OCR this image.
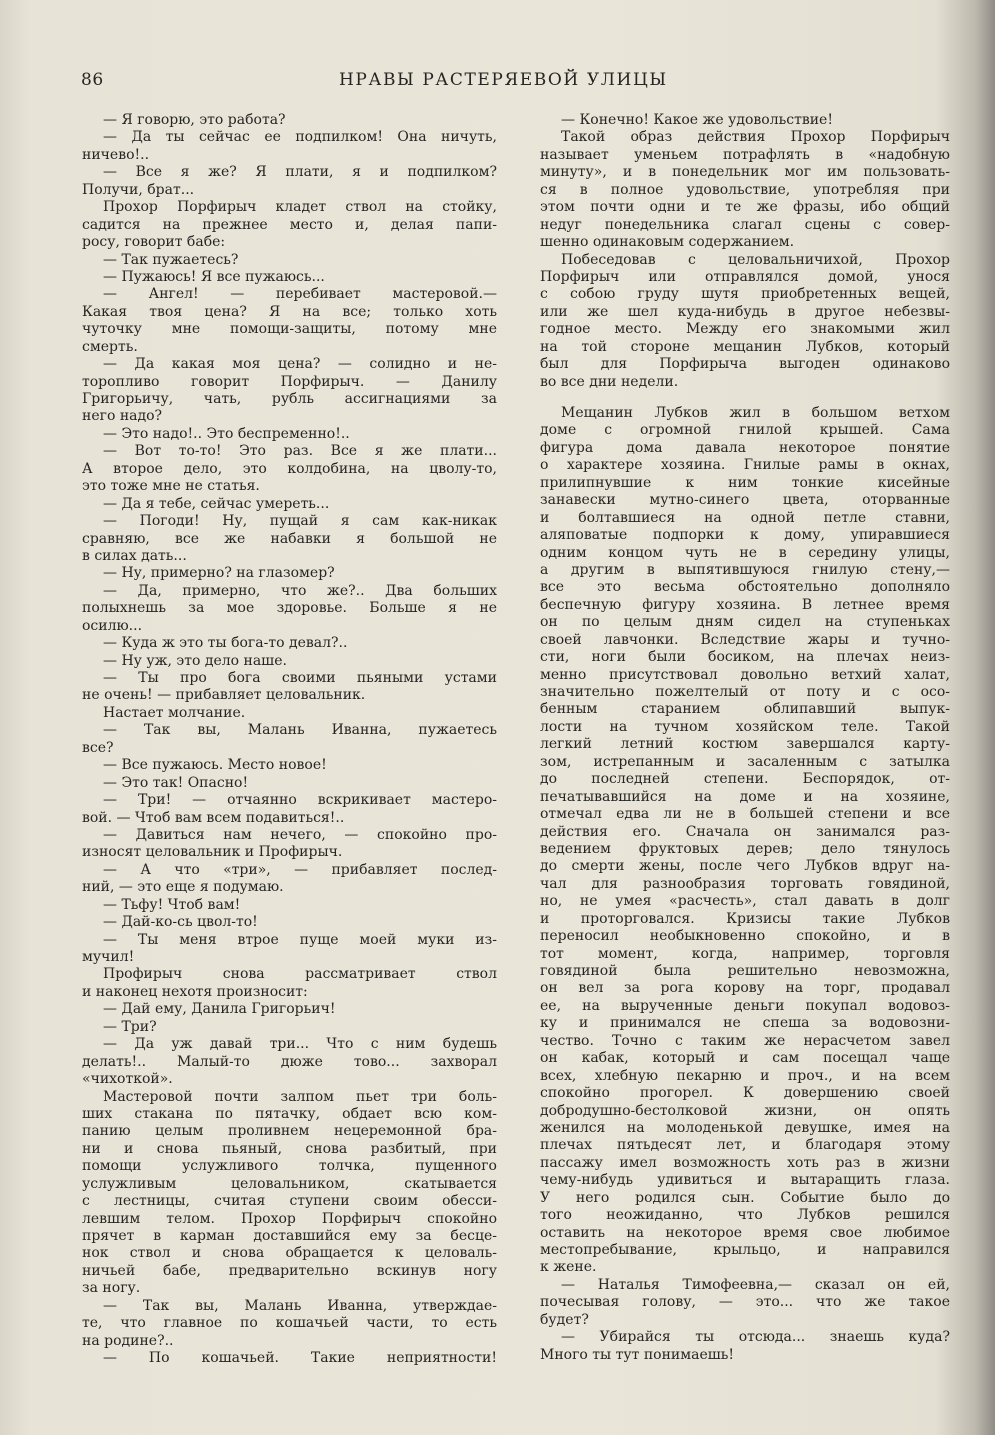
86	НРАВЫ РАСТЕРЯЕВОЙ УЛИЦЫ
— Я говорю, это работа?
— Да ты сейчас ее подпилком! Она ничуть,
ничево!..
— Все я же? Я плати, я и подпилком?
Получи, брат...
Прохор Порфирыч кладет ствол на стойку,
садится на прежнее место и, делая папи-
росу, говорит бабе:
— Так пужаетесь?
— Пужаюсь! Я все пужаюсь...
— Ангел! — перебивает мастеровой.—
Какая твоя цена? Я на все; только хоть
чуточку мне помощи-защиты, потому мне
смерть.
— Да какая моя цена? — солидно и не-
торопливо говорит Порфирыч. — Данилу
Григорьичу, чать, рубль ассигнациями за
него надо?
— Это надо!.. Это беспременно!..
— Вот то-то! Это раз. Все я же плати...
А второе дело, это колдобина, на цволу-то,
это тоже мне не статья.
— Да я тебе, сейчас умереть...
— Погоди! Ну, пущай я сам как-никак
сравняю, все же набавки я большой не
в силах дать...
— Ну, примерно? на глазомер?
— Да, примерно, что же?.. Два больших
полыхнешь за мое здоровье. Больше я не
осилю...
— Куда ж это ты бога-то девал?..
— Ну уж, это дело наше.
— Ты про бога своими пьяными устами
не очень! — прибавляет целовальник.
Настает молчание.
— Так вы, Малань Иванна, пужаетесь
все?
— Все пужаюсь. Место новое!
— Это так! Опасно!
— Три! — отчаянно вскрикивает мастеро-
вой. — Чтоб вам всем подавиться!..
— Давиться нам нечего, — спокойно про-
износят целовальник и Профирыч.
— А что «три», — прибавляет послед-
ний, — это еще я подумаю.
— Тьфу! Чтоб вам!
— Дай-ко-сь цвол-то!
— Ты меня втрое пуще моей муки из-
мучил!
Профирыч снова рассматривает ствол
и наконец нехотя произносит:
— Дай ему, Данила Григорьич!
— Три?
— Да уж давай три... Что с ним будешь
делать!.. Малый-то дюже тово... захворал
«чихоткой».
Мастеровой почти залпом пьет три боль-
ших стакана по пятачку, обдает всю ком-
панию целым проливнем нецеремонной бра-
ни и снова пьяный, снова разбитый, при
помощи услужливого толчка, пущенного
услужливым целовальником, скатывается
с лестницы, считая ступени своим обесси-
левшим телом. Прохор Порфирыч спокойно
прячет в карман доставшийся ему за бесце-
нок ствол и снова обращается к целоваль-
ничьей бабе, предварительно вскинув ногу
за ногу.
— Так вы, Малань Иванна, утверждае-
те, что главное по кошачьей части, то есть
на родине?..
— По кошачьей. Такие неприятности!
— Конечно! Какое же удовольствие!
Такой образ действия Прохор Порфирыч
называет уменьем потрафлять в «надобную
минуту», и в понедельник мог им пользовать-
ся в полное удовольствие, употребляя при
этом почти одни и те же фразы, ибо общий
недуг понедельника слагал сцены с совер-
шенно одинаковым содержанием.
Побеседовав с целовальничихой, Прохор
Порфирыч или отправлялся домой, унося
с собою груду шутя приобретенных вещей,
или же шел куда-нибудь в другое небезвы-
годное место. Между его знакомыми жил
на той стороне мещанин Лубков, который
был для Порфирыча выгоден одинаково
во все дни недели.
Мещанин Лубков жил в большом ветхом
доме с огромной гнилой крышей. Сама
фигура дома давала некоторое понятие
о характере хозяина. Гнилые рамы в окнах,
прилипнувшие к ним тонкие кисейные
занавески мутно-синего цвета, оторванные
и болтавшиеся на одной петле ставни,
аляповатые подпорки к дому, упиравшиеся
одним концом чуть не в середину улицы,
а другим в выпятившуюся гнилую стену,—
все это весьма обстоятельно дополняло
беспечную фигуру хозяина. В летнее время
он по целым дням сидел на ступеньках
своей лавчонки. Вследствие жары и тучно-
сти, ноги были босиком, на плечах неиз-
менно присутствовал довольно ветхий халат,
значительно пожелтелый от поту и с осо-
бенным старанием облипавший выпук-
лости на тучном хозяйском теле. Такой
легкий летний костюм завершался карту-
зом, истрепанным и засаленным с затылка
до последней степени. Беспорядок, от-
печатывавшийся на доме и на хозяине,
отмечал едва ли не в большей степени и все
действия его. Сначала он занимался раз-
ведением фруктовых дерев; дело тянулось
до смерти жены, после чего Лубков вдруг на-
чал для разнообразия торговать говядиной,
но, не умея «расчесть», стал давать в долг
и проторговался. Кризисы такие Лубков
переносил необыкновенно спокойно, и в
тот момент, когда, например, торговля
говядиной была решительно невозможна,
он вел за рога корову на торг, продавал
ее, на вырученные деньги покупал водовоз-
ку и принимался не спеша за водовозни-
чество. Точно с таким же нерасчетом завел
он кабак, который и сам посещал чаще
всех, хлебную пекарню и проч., и на всем
спокойно прогорел. К довершению своей
добродушно-бестолковой жизни, он опять
женился на молоденькой девушке, имея на
плечах пятьдесят лет, и благодаря этому
пассажу имел возможность хоть раз в жизни
чему-нибудь удивиться и вытаращить глаза.
У него родился сын. Событие было до
того неожиданно, что Лубков решился
оставить на некоторое время свое любимое
местопребывание, крыльцо, и направился
к жене.
— Наталья Тимофеевна,— сказал он ей,
почесывая голову, — это... что же такое
будет?
— Убирайся ты отсюда... знаешь куда?
Много ты тут понимаешь!
